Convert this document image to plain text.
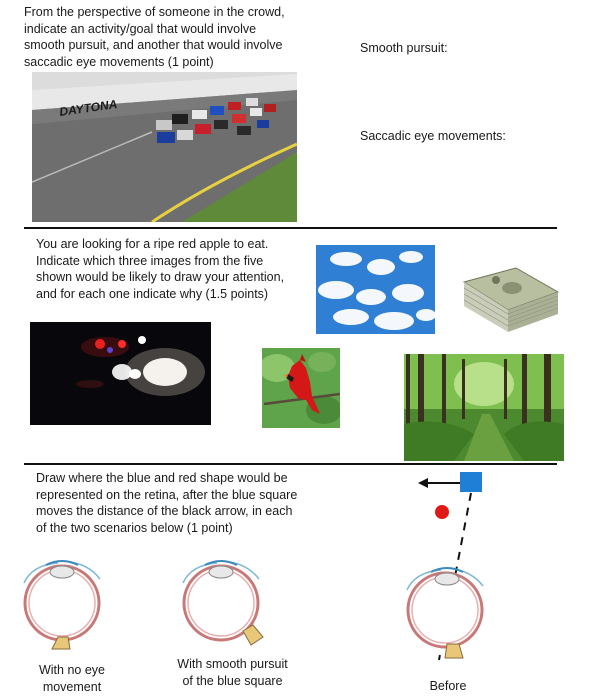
From the perspective of someone in the crowd,
indicate an activity/goal that would involve
smooth pursuit, and another that would involve
saccadic eye movements (1 point)
Smooth pursuit:
Saccadic eye movements:
DAYTONA
You are looking for a ripe red apple to eat.
Indicate which three images from the five
shown would be likely to draw your attention,
and for each one indicate why (1.5 points)
Draw where the blue and red shape would be
represented on the retina, after the blue square
moves the distance of the black arrow, in each
of the two scenarios below (1 point)
With no eye
movement
With smooth pursuit
of the blue square	Before
